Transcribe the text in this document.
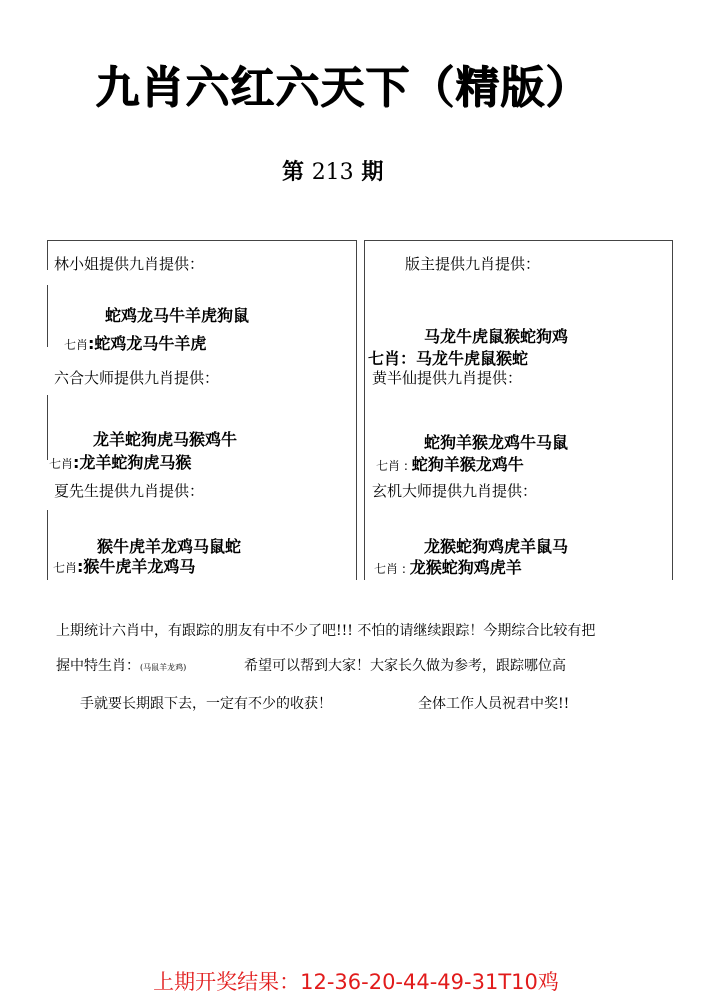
九肖六红六天下（精版）
第 213 期
林小姐提供九肖提供：
蛇鸡龙马牛羊虎狗鼠
七肖:蛇鸡龙马牛羊虎
版主提供九肖提供：
马龙牛虎鼠猴蛇狗鸡
七肖：马龙牛虎鼠猴蛇
六合大师提供九肖提供：
龙羊蛇狗虎马猴鸡牛
七肖:龙羊蛇狗虎马猴
黄半仙提供九肖提供：
蛇狗羊猴龙鸡牛马鼠
七肖 : 蛇狗羊猴龙鸡牛
夏先生提供九肖提供：
猴牛虎羊龙鸡马鼠蛇
七肖:猴牛虎羊龙鸡马
玄机大师提供九肖提供：
龙猴蛇狗鸡虎羊鼠马
七肖 : 龙猴蛇狗鸡虎羊
上期统计六肖中，有跟踪的朋友有中不少了吧!!! 不怕的请继续跟踪！今期综合比较有把
握中特生肖：(马鼠羊龙鸡)	希望可以帮到大家！大家长久做为参考，跟踪哪位高
手就要长期跟下去，一定有不少的收获！	全体工作人员祝君中奖!!
上期开奖结果：12-36-20-44-49-31T10鸡
